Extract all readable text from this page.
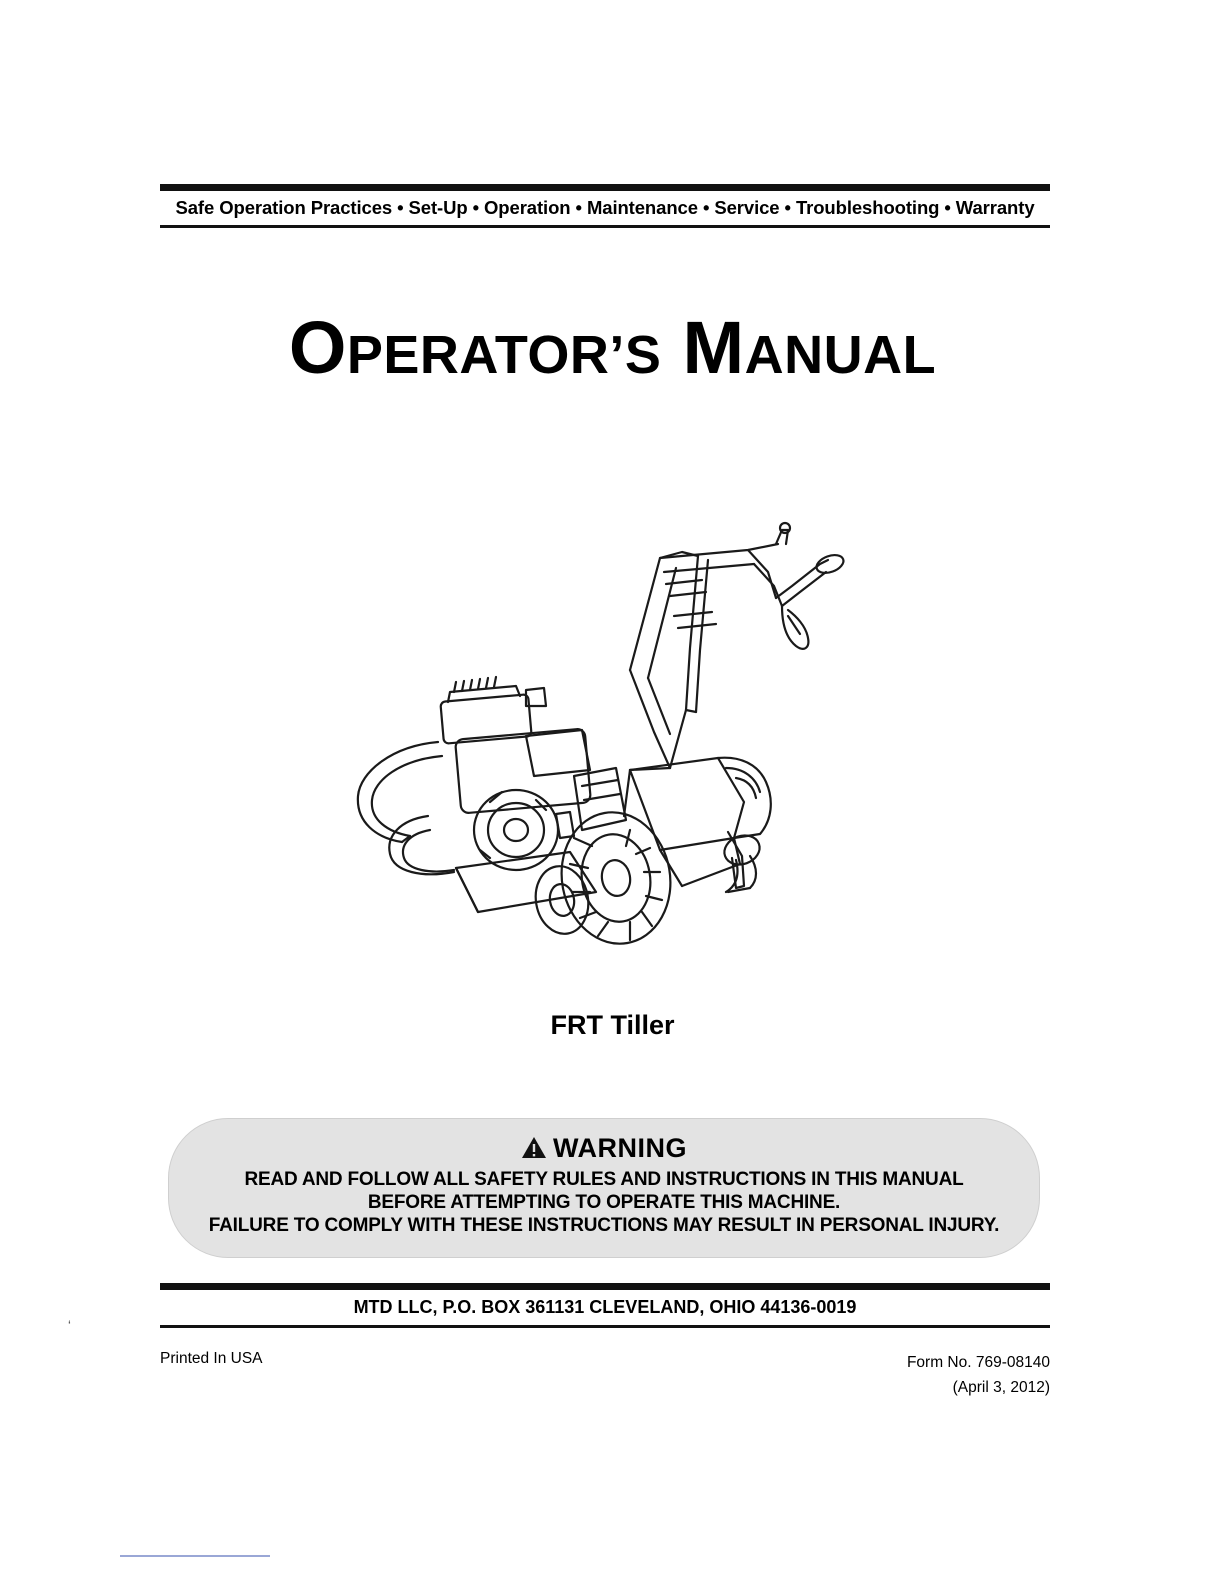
Safe Operation Practices • Set-Up • Operation • Maintenance • Service • Troubleshooting • Warranty
OPERATOR’S MANUAL
FRT Tiller
WARNING
READ AND FOLLOW ALL SAFETY RULES AND INSTRUCTIONS IN THIS MANUAL
BEFORE ATTEMPTING TO OPERATE THIS MACHINE.
FAILURE TO COMPLY WITH THESE INSTRUCTIONS MAY RESULT IN PERSONAL INJURY.
ʻ
MTD LLC, P.O. BOX 361131 CLEVELAND, OHIO 44136-0019
Printed In USA	Form No. 769-08140
(April 3, 2012)
